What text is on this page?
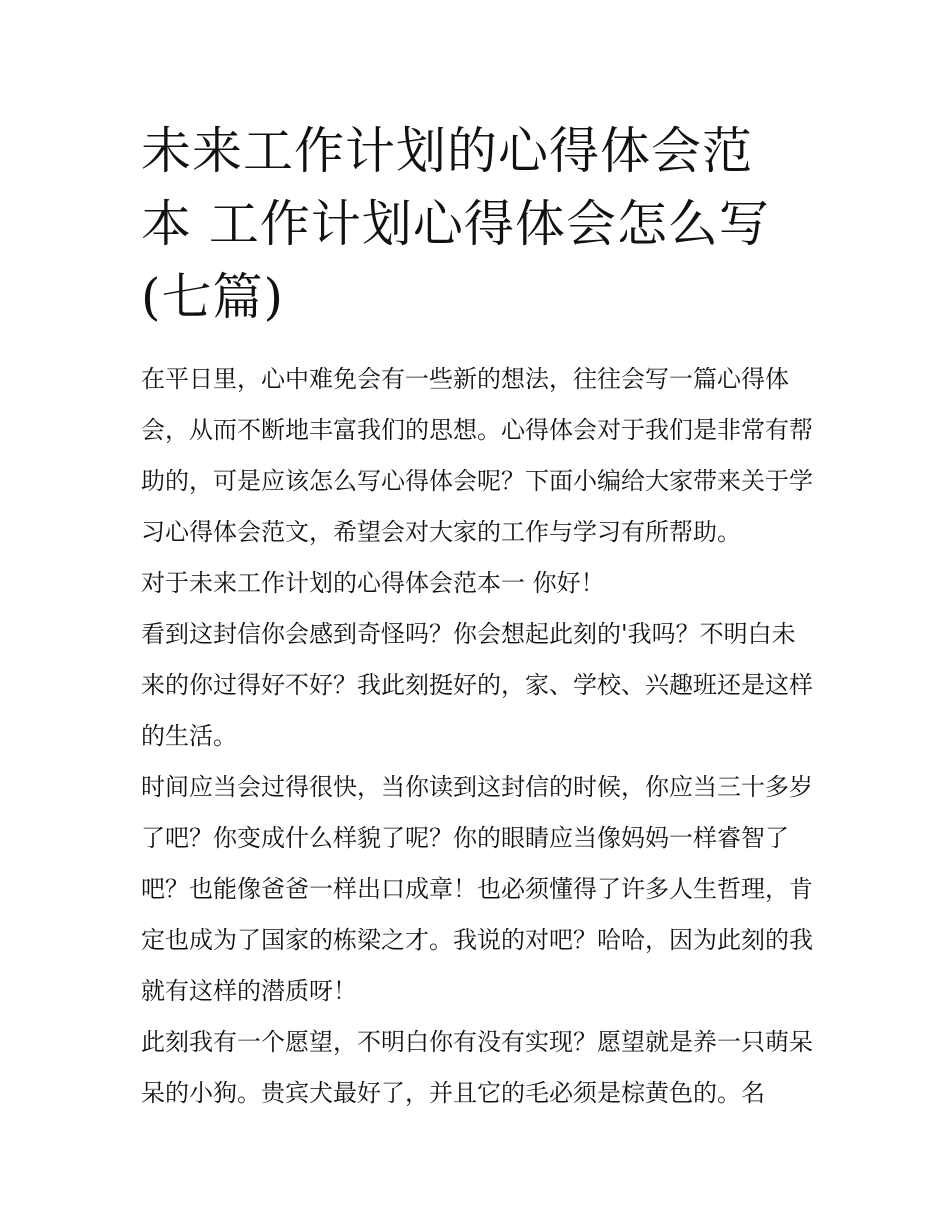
未来工作计划的心得体会范本 工作计划心得体会怎么写(七篇)

在平日里，心中难免会有一些新的想法，往往会写一篇心得体会，从而不断地丰富我们的思想。心得体会对于我们是非常有帮助的，可是应该怎么写心得体会呢？下面小编给大家带来关于学习心得体会范文，希望会对大家的工作与学习有所帮助。

对于未来工作计划的心得体会范本一 你好！

看到这封信你会感到奇怪吗？你会想起此刻的'我吗？不明白未来的你过得好不好？我此刻挺好的，家、学校、兴趣班还是这样的生活。

时间应当会过得很快，当你读到这封信的时候，你应当三十多岁了吧？你变成什么样貌了呢？你的眼睛应当像妈妈一样睿智了吧？也能像爸爸一样出口成章！也必须懂得了许多人生哲理，肯定也成为了国家的栋梁之才。我说的对吧？哈哈，因为此刻的我就有这样的潜质呀！

此刻我有一个愿望，不明白你有没有实现？愿望就是养一只萌呆呆的小狗。贵宾犬最好了，并且它的毛必须是棕黄色的。名
